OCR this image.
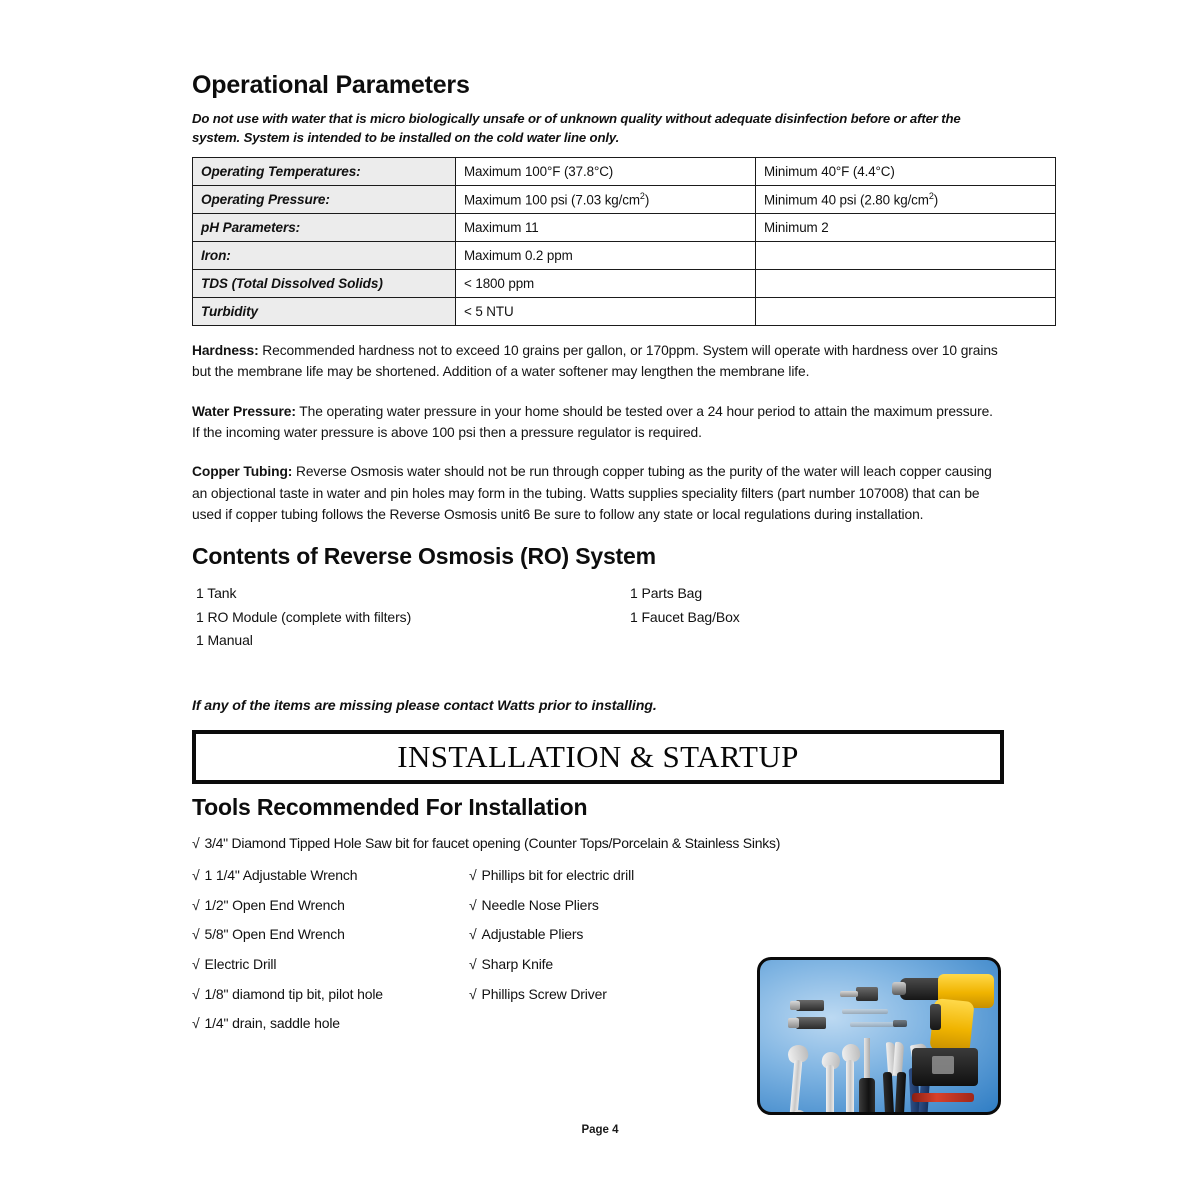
Operational Parameters

Do not use with water that is micro biologically unsafe or of unknown quality without adequate disinfection before or after the system. System is intended to be installed on the cold water line only.

Operating Temperatures:	Maximum 100°F (37.8°C)	Minimum 40°F (4.4°C)
Operating Pressure:	Maximum 100 psi (7.03 $kg/cm^2$)	Minimum 40 psi (2.80 $kg/cm^2$)
pH Parameters:	Maximum 11	Minimum 2
Iron:	Maximum 0.2 ppm	
TDS (Total Dissolved Solids)	< 1800 ppm	
Turbidity	< 5 NTU	

Hardness: Recommended hardness not to exceed 10 grains per gallon, or 170ppm. System will operate with hardness over 10 grains but the membrane life may be shortened. Addition of a water softener may lengthen the membrane life.

Water Pressure: The operating water pressure in your home should be tested over a 24 hour period to attain the maximum pressure. If the incoming water pressure is above 100 psi then a pressure regulator is required.

Copper Tubing: Reverse Osmosis water should not be run through copper tubing as the purity of the water will leach copper causing an objectional taste in water and pin holes may form in the tubing. Watts supplies speciality filters (part number 107008) that can be used if copper tubing follows the Reverse Osmosis unit6 Be sure to follow any state or local regulations during installation.

Contents of Reverse Osmosis (RO) System
1 Tank
1 RO Module (complete with filters)
1 Manual
1 Parts Bag
1 Faucet Bag/Box

If any of the items are missing please contact Watts prior to installing.

INSTALLATION & STARTUP
Tools Recommended For Installation
√ 3/4" Diamond Tipped Hole Saw bit for faucet opening (Counter Tops/Porcelain & Stainless Sinks)
√ 1 1/4" Adjustable Wrench
√ 1/2" Open End Wrench
√ 5/8" Open End Wrench
√ Electric Drill
√ 1/8" diamond tip bit, pilot hole
√ 1/4" drain, saddle hole
√ Phillips bit for electric drill
√ Needle Nose Pliers
√ Adjustable Pliers
√ Sharp Knife
√ Phillips Screw Driver
Page 4
